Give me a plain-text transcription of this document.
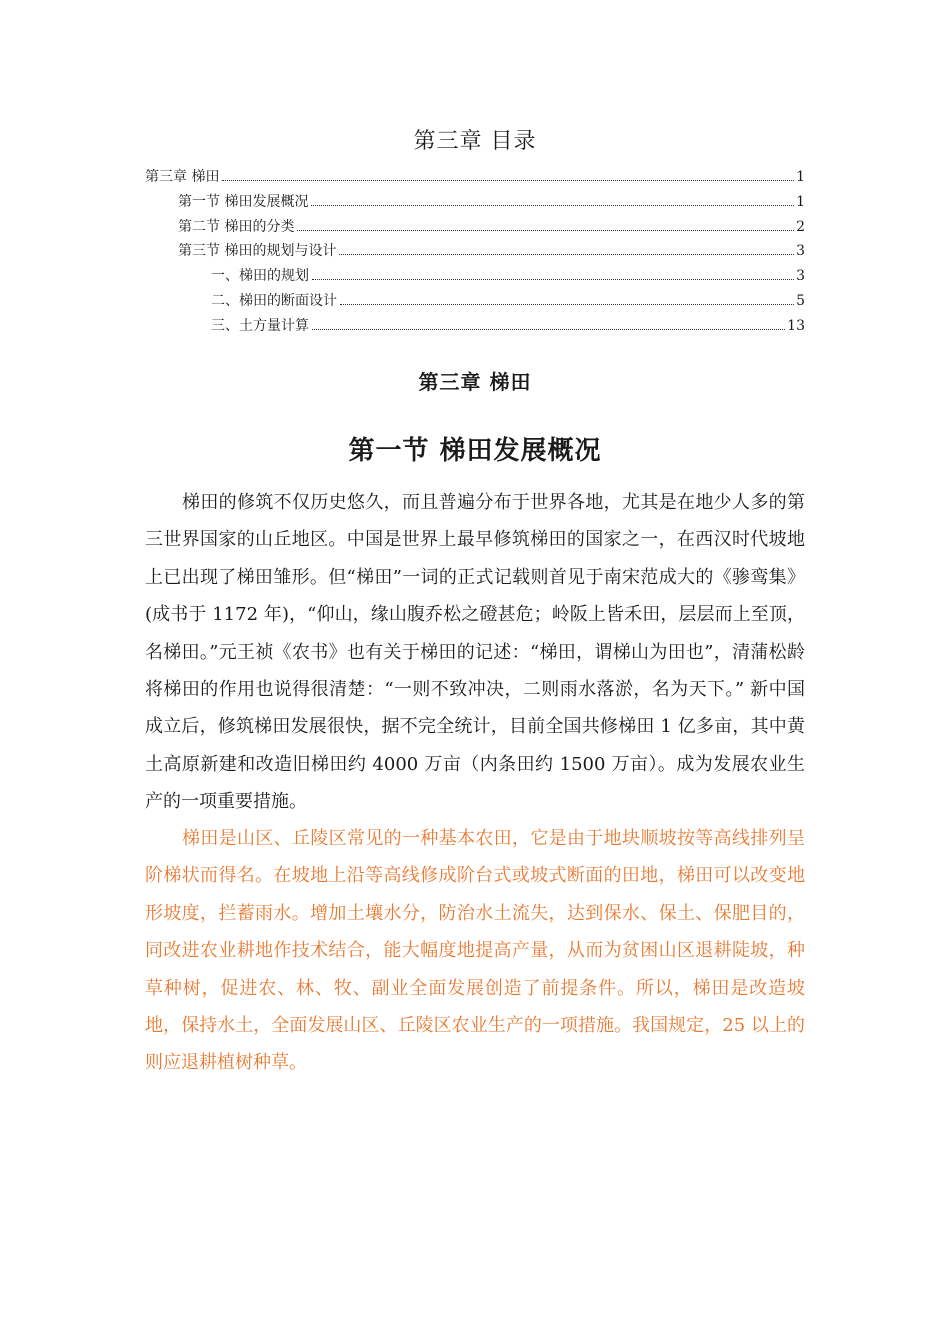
第三章 目录
第三章 梯田	1
第一节 梯田发展概况	1
第二节 梯田的分类	2
第三节 梯田的规划与设计	3
一、梯田的规划	3
二、梯田的断面设计	5
三、土方量计算	13
第三章 梯田
第一节 梯田发展概况

梯田的修筑不仅历史悠久，而且普遍分布于世界各地，尤其是在地少人多的第三世界国家的山丘地区。中国是世界上最早修筑梯田的国家之一，在西汉时代坡地上已出现了梯田雏形。但“梯田”一词的正式记载则首见于南宋范成大的《骖鸾集》(成书于 1172 年)，“仰山，缘山腹乔松之磴甚危；岭阪上皆禾田，层层而上至顶，名梯田。”元王祯《农书》也有关于梯田的记述：“梯田，谓梯山为田也”，清蒲松龄将梯田的作用也说得很清楚：“一则不致冲决，二则雨水落淤，名为天下。” 新中国成立后，修筑梯田发展很快，据不完全统计，目前全国共修梯田 1 亿多亩，其中黄土高原新建和改造旧梯田约 4000 万亩（内条田约 1500 万亩）。成为发展农业生产的一项重要措施。

梯田是山区、丘陵区常见的一种基本农田，它是由于地块顺坡按等高线排列呈阶梯状而得名。在坡地上沿等高线修成阶台式或坡式断面的田地，梯田可以改变地形坡度，拦蓄雨水。增加土壤水分，防治水土流失，达到保水、保土、保肥目的，同改进农业耕地作技术结合，能大幅度地提高产量，从而为贫困山区退耕陡坡，种草种树，促进农、林、牧、副业全面发展创造了前提条件。所以，梯田是改造坡地，保持水土，全面发展山区、丘陵区农业生产的一项措施。我国规定，25 以上的则应退耕植树种草。
